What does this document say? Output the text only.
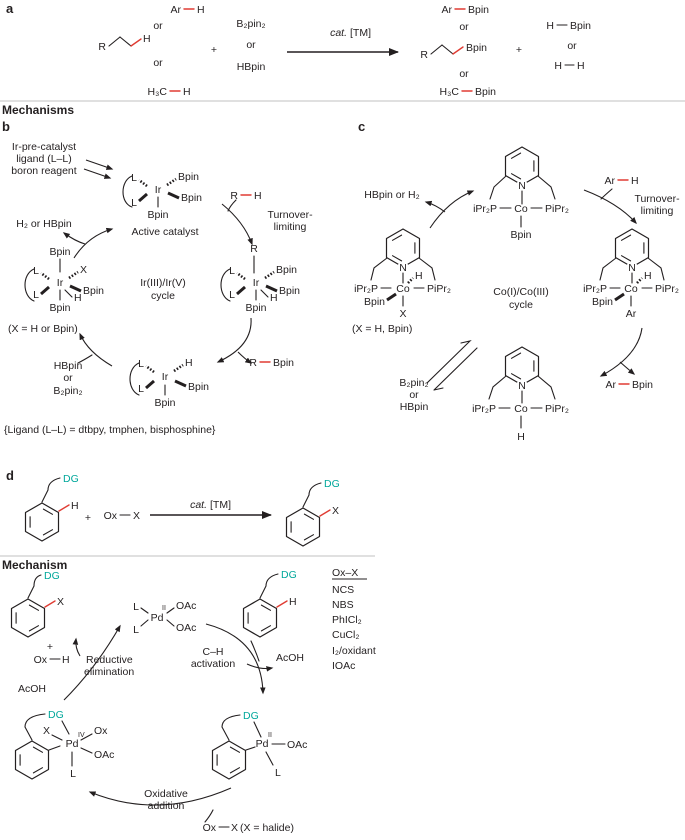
a	Ar H
or
R
H
or
H₃C H
+
B₂pin₂
or
HBpin
cat. [TM]
Ar Bpin
or
R
Bpin
or
H₃C Bpin
+
H Bpin
or
H H
Mechanisms
b
Ir-pre-catalyst
ligand (L–L)
boron reagent
L
L
Bpin
Bpin
Bpin
Ir
Active catalyst
H₂ or HBpin
R H
Turnover-
limiting
R
L
L
Bpin
Bpin
H
Bpin
Ir
R Bpin
L	H
L	Bpin
Bpin
Ir
HBpin
or
B₂pin₂
Bpin
L
L
X
Bpin
H
Bpin
Ir
(X = H or Bpin)
Ir(III)/Ir(V)
cycle
{Ligand (L–L) = dtbpy, tmphen, bisphosphine}
c
N
iPr₂P Co PiPr₂
Bpin
HBpin or H₂
Ar H
Turnover-
limiting
N
iPr₂P Co PiPr₂
H
Bpin
X
(X = H, Bpin)
Co(I)/Co(III)
cycle
N
iPr₂P Co PiPr₂
H
Bpin
Ar
Ar Bpin
B₂pin₂
or
HBpin
N
iPr₂P Co PiPr₂
H
d	DG
H
+ Ox X
cat. [TM]
DG
X
Mechanism
DG
X
+
Ox H
AcOH
Reductive
elimination
Pd
II
L
L
OAc
OAc
DG
H
C–H
activation	AcOH
DG
Pd
II
OAc
L
Oxidative
addition
Ox X (X = halide)
DG
X
Pd
IV Ox
OAc
L
Ox–X
NCS
NBS
PhICl₂
CuCl₂
I₂/oxidant
IOAc
